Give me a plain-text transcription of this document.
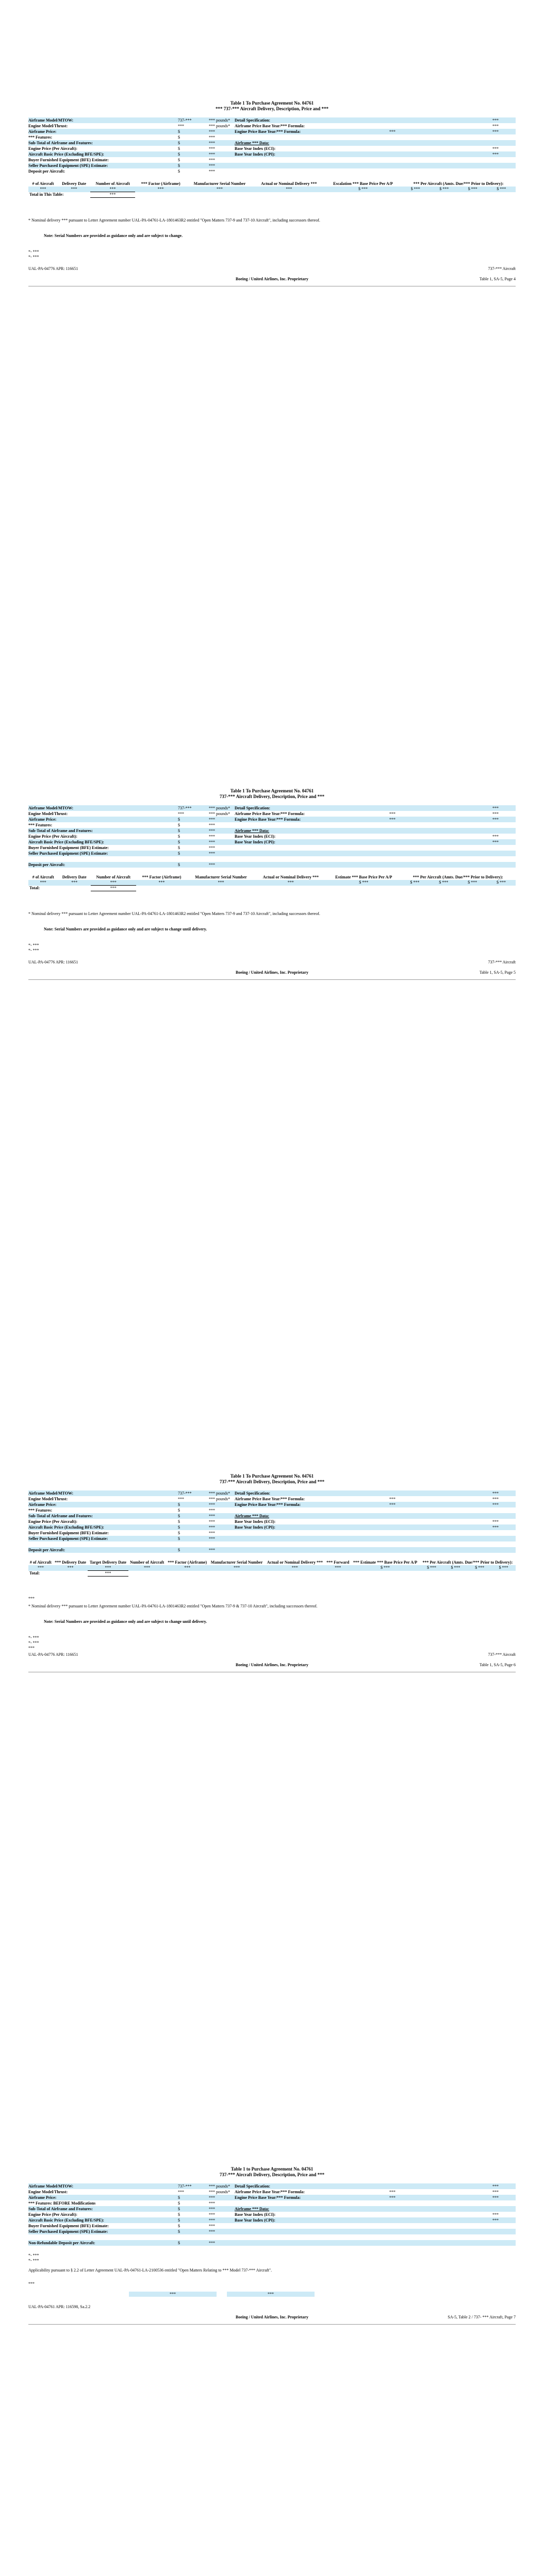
Table 1 To Purchase Agreement No. 04761
*** 737-*** Aircraft Delivery, Description, Price and ***
Airframe Model/MTOW:	737-***	*** pounds* Detail Specification:	***
Engine Model/Thrust:	***	*** pounds* Airframe Price Base Year/*** Formula:	***
Airframe Price:	$	***	Engine Price Base Year/*** Formula:	***	***
*** Features:	$	***
Sub-Total of Airframe and Features:	$	***	Airframe *** Data:
Engine Price (Per Aircraft):	$	***	Base Year Index (ECI):	***
Aircraft Basic Price (Excluding BFE/SPE):	$	***	Base Year Index (CPI):	***
Buyer Furnished Equipment (BFE) Estimate:	$	***
Seller Purchased Equipment (SPE) Estimate:	$	***
Deposit per Aircraft:	$	***
# of Aircraft	Delivery Date	Number of Aircraft	*** Factor (Airframe)	Manufacturer Serial Number	Actual or Nominal Delivery ***	Escalation *** Base Price Per A/P	*** Per Aircraft (Amts. Due/*** Prior to Delivery):			
***	***	***	***	***	***	$ ***	$ ***	$ ***	$ ***	$ ***
Total in This Table:		***								
* Nominal delivery *** pursuant to Letter Agreement number UAL-PA-04761-LA-1801463R2 entitled "Open Matters 737-9 and 737-10 Aircraft", including successors thereof.
Note: Serial Numbers are provided as guidance only and are subject to change.
*- ***
*- ***
UAL-PA-04776 APR: 116651	737-*** Aircraft
Boeing / United Airlines, Inc. Proprietary	Table 1, SA-5, Page 4
Table 1 To Purchase Agreement No. 04761
737-*** Aircraft Delivery, Description, Price and ***
Airframe Model/MTOW:	737-***	*** pounds* Detail Specification:	***
Engine Model/Thrust:	***	*** pounds* Airframe Price Base Year/*** Formula:	***	***
Airframe Price:	$	***	Engine Price Base Year/*** Formula:	***	***
*** Features:	$	***
Sub-Total of Airframe and Features:	$	***	Airframe *** Data:
Engine Price (Per Aircraft):	$	***	Base Year Index (ECI):	***
Aircraft Basic Price (Excluding BFE/SPE):	$	***	Base Year Index (CPI):	***
Buyer Furnished Equipment (BFE) Estimate:	$	***
Seller Purchased Equipment (SPE) Estimate:	$	***
Deposit per Aircraft:	$	***
# of Aircraft	Delivery Date	Number of Aircraft	*** Factor (Airframe)	Manufacturer Serial Number	Actual or Nominal Delivery ***	Estimate *** Base Price Per A/P	*** Per Aircraft (Amts. Due/*** Prior to Delivery):			
***	***	***	***	***	***	$ ***	$ ***	$ ***	$ ***	$ ***
Total:		***								
* Nominal delivery *** pursuant to Letter Agreement number UAL-PA-04761-LA-1801463R2 entitled "Open Matters 737-9 and 737-10 Aircraft", including successors thereof.
Note: Serial Numbers are provided as guidance only and are subject to change until delivery.
*- ***
*- ***
UAL-PA-04776 APR: 116651	737-*** Aircraft
Boeing / United Airlines, Inc. Proprietary	Table 1, SA-5, Page 5
Table 1 To Purchase Agreement No. 04761
737-*** Aircraft Delivery, Description, Price and ***
Airframe Model/MTOW:	737-***	*** pounds* Detail Specification:	***
Engine Model/Thrust:	***	*** pounds* Airframe Price Base Year/*** Formula:	***	***
Airframe Price:	$	***	Engine Price Base Year/*** Formula:	***	***
*** Features:	$	***
Sub-Total of Airframe and Features:	$	***	Airframe *** Data:
Engine Price (Per Aircraft):	$	***	Base Year Index (ECI):	***
Aircraft Basic Price (Excluding BFE/SPE):	$	***	Base Year Index (CPI):	***
Buyer Furnished Equipment (BFE) Estimate:	$	***
Seller Purchased Equipment (SPE) Estimate:	$	***
Deposit per Aircraft:	$	***
# of Aircraft	*** Delivery Date	Target Delivery Date	Number of Aircraft	*** Factor (Airframe)	Manufacturer Serial Number	Actual or Nominal Delivery ***	*** Forward	*** Estimate *** Base Price Per A/P	*** Per Aircraft (Amts. Due/*** Prior to Delivery):			
***	***	***	***	***	***	***	***	$ ***	$ ***	$ ***	$ ***	$ ***
Total:		***										
***
* Nominal delivery *** pursuant to Letter Agreement number UAL-PA-04761-LA-1801463R2 entitled "Open Matters 737-9 & 737-10 Aircraft", including successors thereof.
Note: Serial Numbers are provided as guidance only and are subject to change until delivery.
*- ***
*- ***
***
UAL-PA-04776 APR: 116651	737-*** Aircraft
Boeing / United Airlines, Inc. Proprietary	Table 1, SA-5, Page 6
Table 1 to Purchase Agreement No. 04761
737-*** Aircraft Delivery, Description, Price and ***
Airframe Model/MTOW:	737-***	*** pounds* Detail Specification:	***
Engine Model/Thrust:	***	*** pounds* Airframe Price Base Year/*** Formula:	***	***
Airframe Price:	$	***	Engine Price Base Year/*** Formula:	***	***
*** Features: BEFORE Modifications	$	***
Sub-Total of Airframe and Features:	$	***	Airframe *** Data:
Engine Price (Per Aircraft):	$	***	Base Year Index (ECI):	***
Aircraft Basic Price (Excluding BFE/SPE):	$	***	Base Year Index (CPI):	***
Buyer Furnished Equipment (BFE) Estimate:	$	***
Seller Purchased Equipment (SPE) Estimate:	$	***
Non-Refundable Deposit per Aircraft:	$	***
*- ***
*- ***
Applicability pursuant to § 2.2 of Letter Agreement UAL-PA-04761-LA-2100536 entitled "Open Matters Relating to *** Model 737-*** Aircraft".
***
***	***
UAL-PA-04761 APR: 116598, Sa.2.2
Boeing / United Airlines, Inc. Proprietary	SA-5, Table 2 / 737- *** Aircraft, Page 7
